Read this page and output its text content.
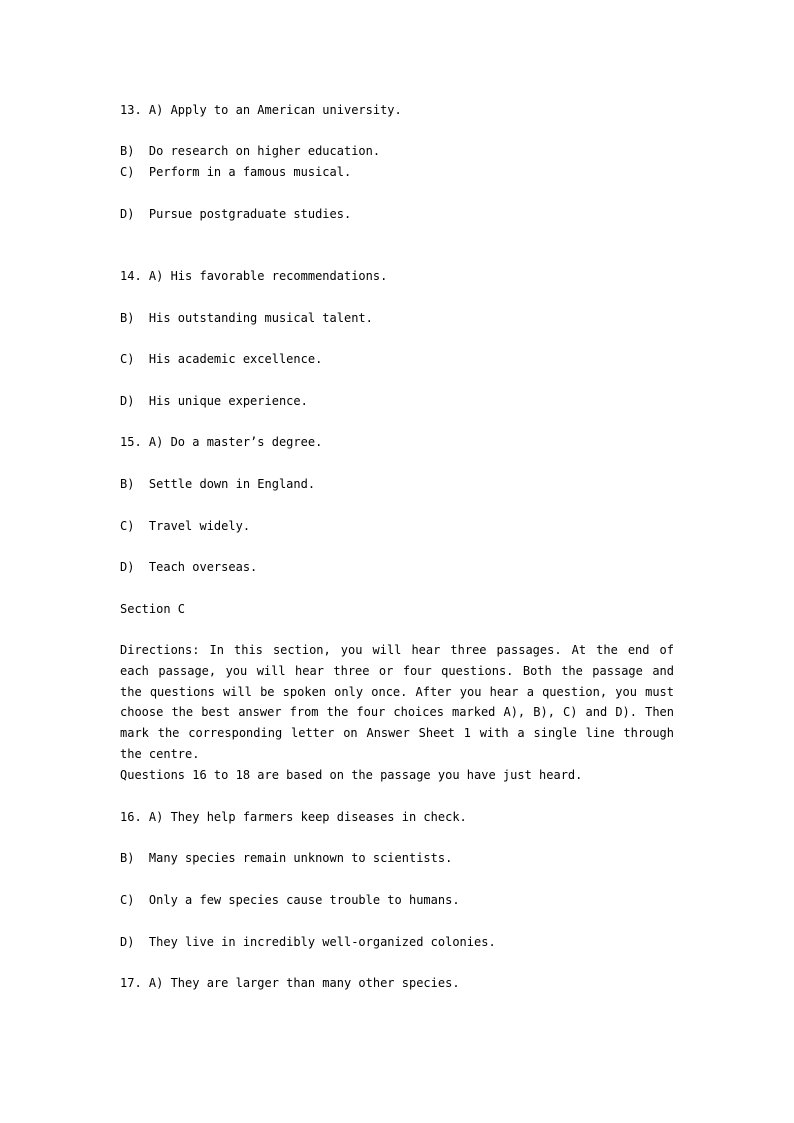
13. A) Apply to an American university.
B)  Do research on higher education.
C)  Perform in a famous musical.
D)  Pursue postgraduate studies.
14. A) His favorable recommendations.
B)  His outstanding musical talent.
C)  His academic excellence.
D)  His unique experience.
15. A) Do a master’s degree.
B)  Settle down in England.
C)  Travel widely.
D)  Teach overseas.
Section C
Directions: In this section, you will hear three passages. At the end of each passage, you will hear three or four questions. Both the passage and the questions will be spoken only once. After you hear a question, you must choose the best answer from the four choices marked A), B), C) and D). Then mark the corresponding letter on Answer Sheet 1 with a single line through the centre.
Questions 16 to 18 are based on the passage you have just heard.
16. A) They help farmers keep diseases in check.
B)  Many species remain unknown to scientists.
C)  Only a few species cause trouble to humans.
D)  They live in incredibly well-organized colonies.
17. A) They are larger than many other species.
